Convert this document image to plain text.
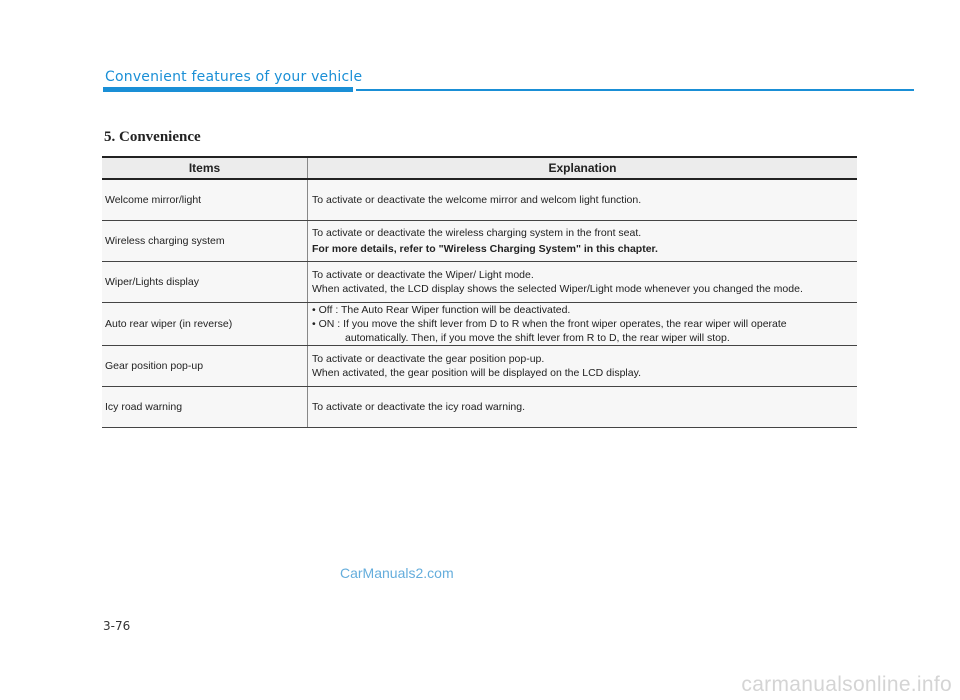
Convenient features of your vehicle
5. Convenience
Items	Explanation
Welcome mirror/light	To activate or deactivate the welcome mirror and welcom light function.
Wireless charging system	To activate or deactivate the wireless charging system in the front seat.
For more details, refer to "Wireless Charging System" in this chapter.

Wiper/Lights display	To activate or deactivate the Wiper/ Light mode.
When activated, the LCD display shows the selected Wiper/Light mode whenever you changed the mode.
Auto rear wiper (in reverse)	• Off : The Auto Rear Wiper function will be deactivated.
• ON : If you move the shift lever from D to R when the front wiper operates, the rear wiper will operate
automatically. Then, if you move the shift lever from R to D, the rear wiper will stop.

Gear position pop-up	To activate or deactivate the gear position pop-up.
When activated, the gear position will be displayed on the LCD display.
Icy road warning	To activate or deactivate the icy road warning.
3-76
CarManuals2.com
carmanualsonline.info
